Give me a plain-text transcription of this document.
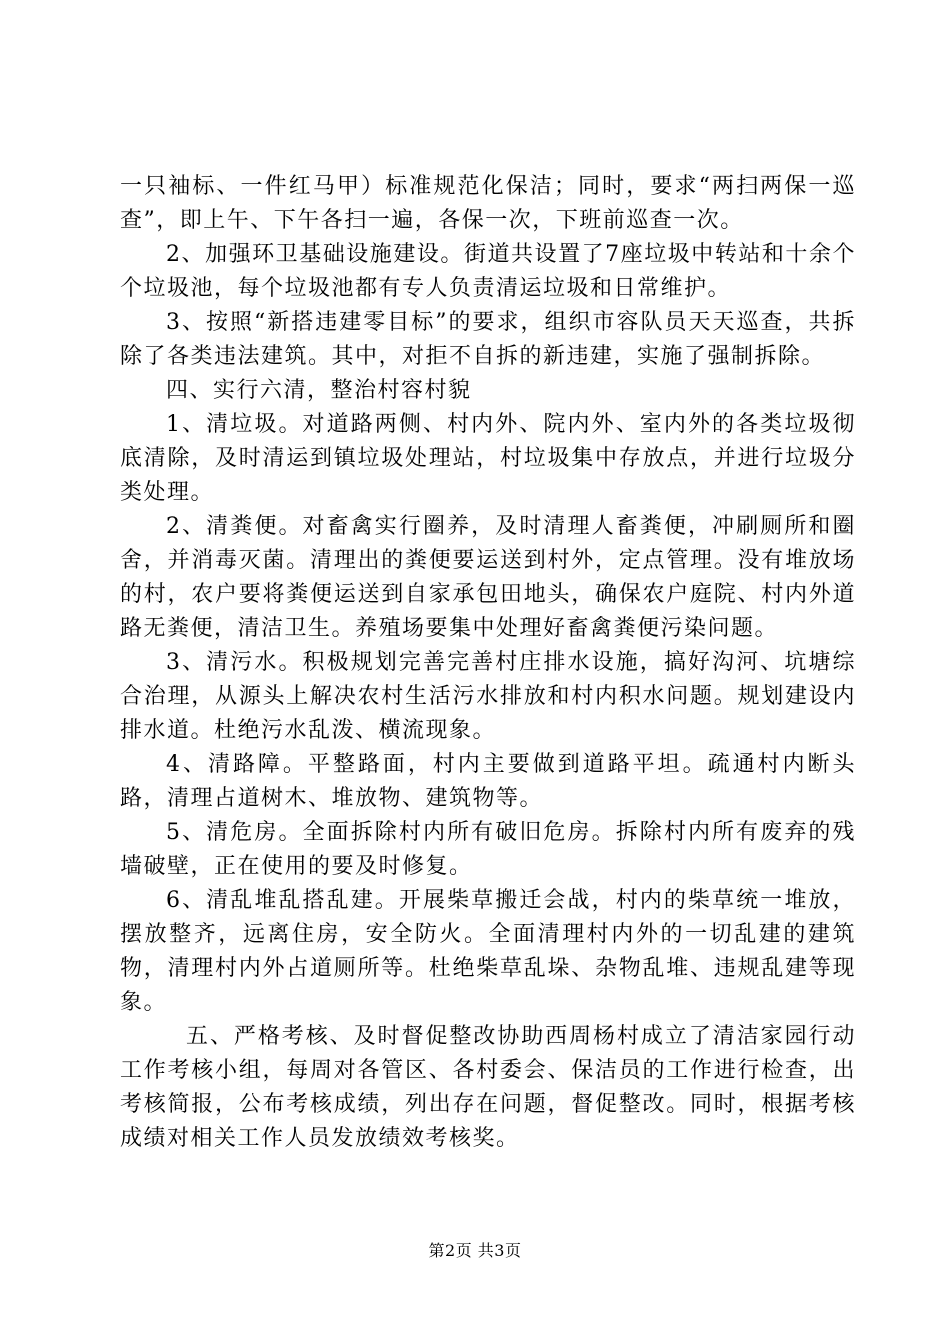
一只袖标、一件红马甲）标准规范化保洁；同时，要求“两扫两保一巡查”，即上午、下午各扫一遍，各保一次，下班前巡查一次。

2、加强环卫基础设施建设。街道共设置了7座垃圾中转站和十余个个垃圾池，每个垃圾池都有专人负责清运垃圾和日常维护。

3、按照“新搭违建零目标”的要求，组织市容队员天天巡查，共拆除了各类违法建筑。其中，对拒不自拆的新违建，实施了强制拆除。

四、实行六清，整治村容村貌

1、清垃圾。对道路两侧、村内外、院内外、室内外的各类垃圾彻底清除，及时清运到镇垃圾处理站，村垃圾集中存放点，并进行垃圾分类处理。

2、清粪便。对畜禽实行圈养，及时清理人畜粪便，冲刷厕所和圈舍，并消毒灭菌。清理出的粪便要运送到村外，定点管理。没有堆放场的村，农户要将粪便运送到自家承包田地头，确保农户庭院、村内外道路无粪便，清洁卫生。养殖场要集中处理好畜禽粪便污染问题。

3、清污水。积极规划完善完善村庄排水设施，搞好沟河、坑塘综合治理，从源头上解决农村生活污水排放和村内积水问题。规划建设内排水道。杜绝污水乱泼、横流现象。

4、清路障。平整路面，村内主要做到道路平坦。疏通村内断头路，清理占道树木、堆放物、建筑物等。

5、清危房。全面拆除村内所有破旧危房。拆除村内所有废弃的残墙破壁，正在使用的要及时修复。

6、清乱堆乱搭乱建。开展柴草搬迁会战，村内的柴草统一堆放，摆放整齐，远离住房，安全防火。全面清理村内外的一切乱建的建筑物，清理村内外占道厕所等。杜绝柴草乱垛、杂物乱堆、违规乱建等现象。

五、严格考核、及时督促整改协助西周杨村成立了清洁家园行动工作考核小组，每周对各管区、各村委会、保洁员的工作进行检查，出考核简报，公布考核成绩，列出存在问题，督促整改。同时，根据考核成绩对相关工作人员发放绩效考核奖。

第2页 共3页
